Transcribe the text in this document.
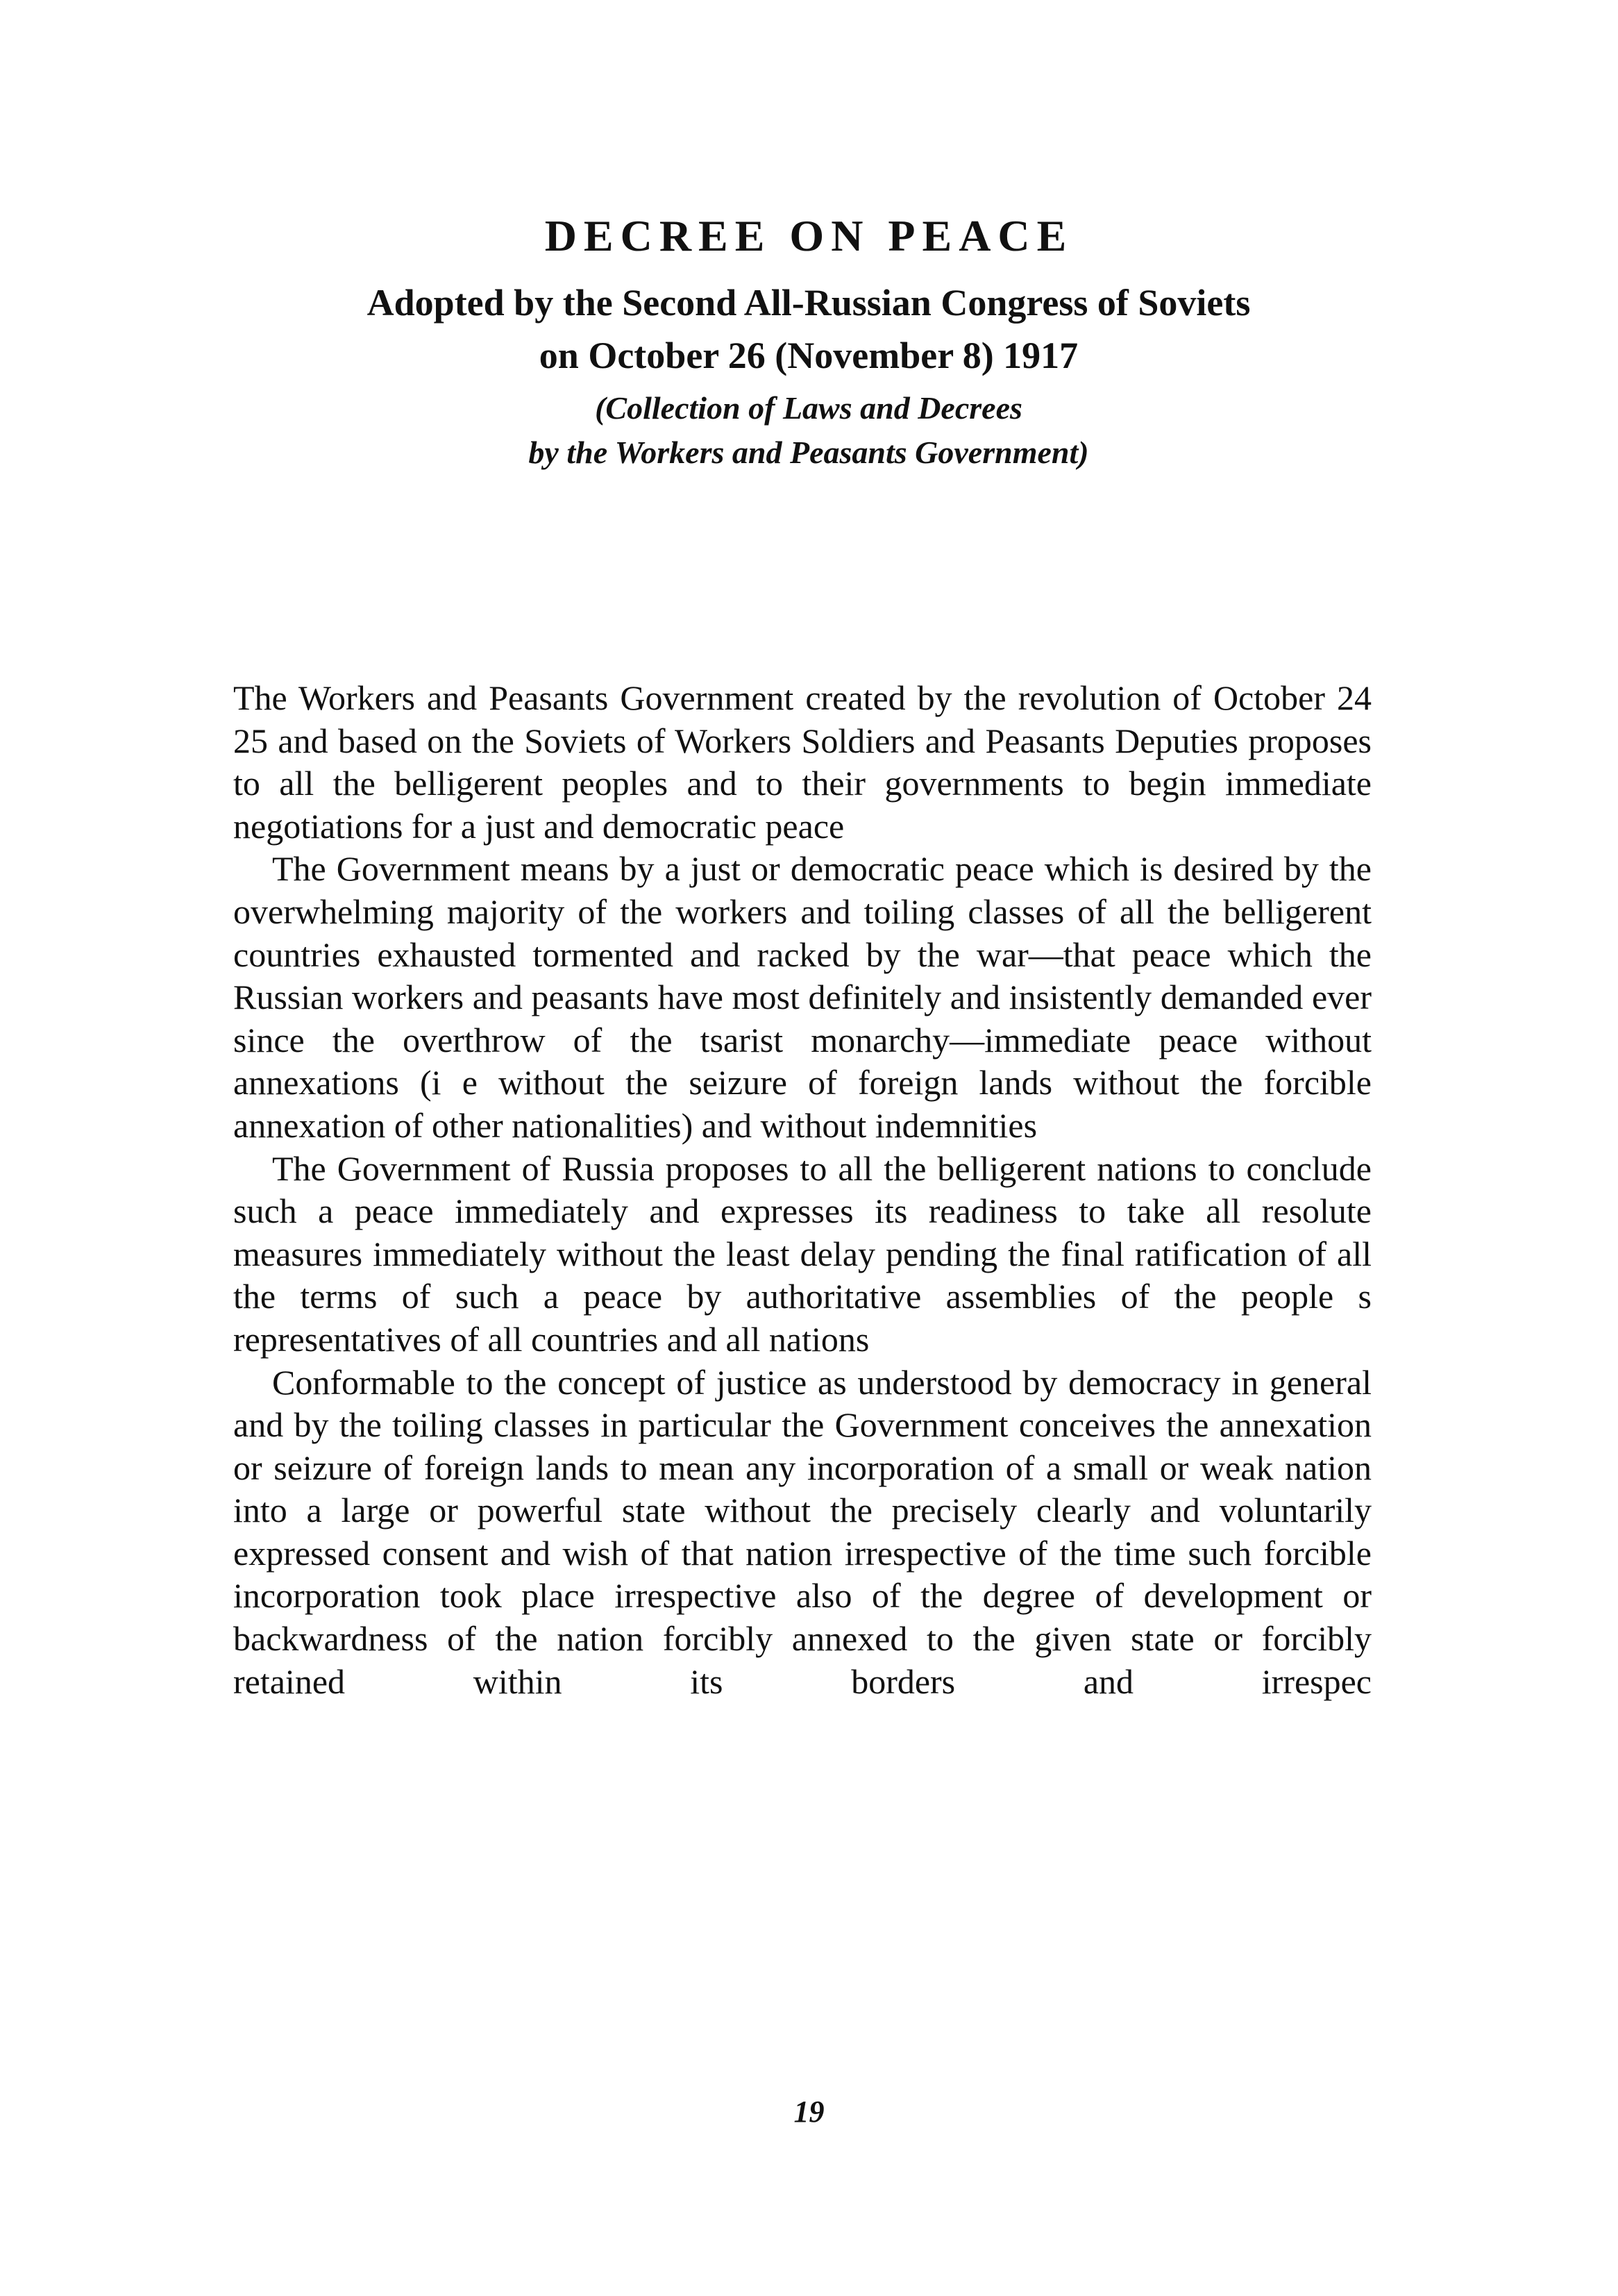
DECREE ON PEACE
Adopted by the Second All-Russian Congress of Soviets
on October 26 (November 8) 1917
(Collection of Laws and Decrees
by the Workers and Peasants Government)

The Workers and Peasants Government created by the revolution of October 24 25 and based on the Soviets of Workers Soldiers and Peasants Deputies proposes to all the belligerent peoples and to their governments to begin immediate negotiations for a just and democratic peace

The Government means by a just or democratic peace which is desired by the overwhelming majority of the workers and toiling classes of all the belligerent countries exhausted tormented and racked by the war—that peace which the Russian workers and peasants have most definitely and insistently demanded ever since the overthrow of the tsarist monarchy—immediate peace without annexations (i e without the seizure of foreign lands without the forcible annexation of other nationalities) and without indemnities

The Government of Russia proposes to all the belligerent nations to conclude such a peace immediately and expresses its readiness to take all resolute measures immediately without the least delay pending the final ratification of all the terms of such a peace by authoritative assemblies of the people s representatives of all countries and all nations

Conformable to the concept of justice as understood by democracy in general and by the toiling classes in particular the Government conceives the annexation or seizure of foreign lands to mean any incorporation of a small or weak nation into a large or powerful state without the precisely clearly and voluntarily expressed consent and wish of that nation irrespective of the time such forcible incorporation took place irrespective also of the degree of development or backwardness of the nation forcibly annexed to the given state or forcibly retained within its borders and irrespec

19
